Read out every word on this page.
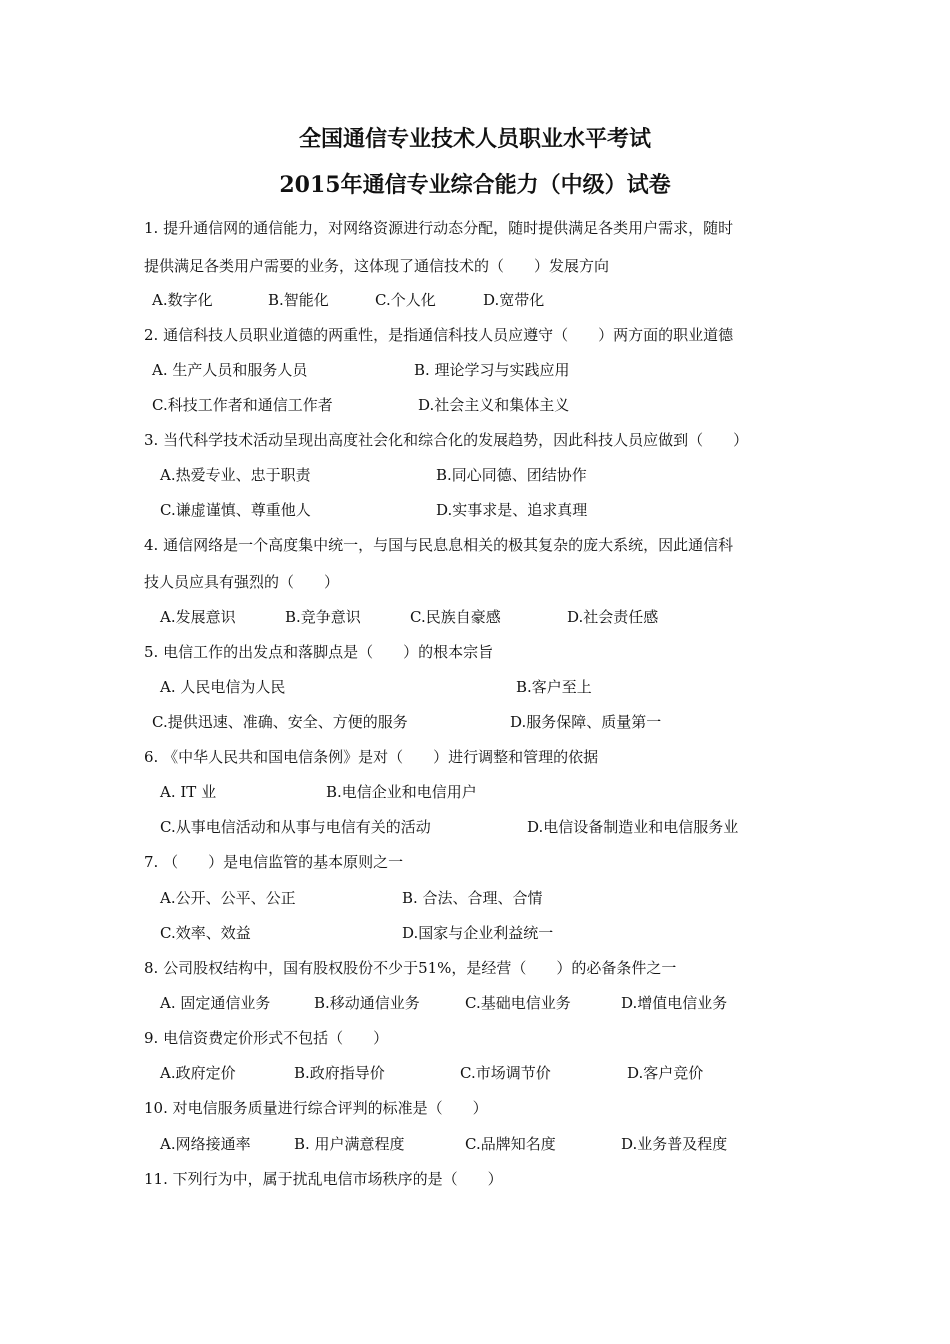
全国通信专业技术人员职业水平考试
2015年通信专业综合能力（中级）试卷
1. 提升通信网的通信能力，对网络资源进行动态分配，随时提供满足各类用户需求，随时
提供满足各类用户需要的业务，这体现了通信技术的（　　）发展方向
A.数字化	B.智能化	C.个人化	D.宽带化
2. 通信科技人员职业道德的两重性，是指通信科技人员应遵守（　　）两方面的职业道德
A. 生产人员和服务人员	B. 理论学习与实践应用
C.科技工作者和通信工作者	D.社会主义和集体主义
3. 当代科学技术活动呈现出高度社会化和综合化的发展趋势，因此科技人员应做到（　　）
A.热爱专业、忠于职责	B.同心同德、团结协作
C.谦虚谨慎、尊重他人	D.实事求是、追求真理
4. 通信网络是一个高度集中统一，与国与民息息相关的极其复杂的庞大系统，因此通信科
技人员应具有强烈的（　　）
A.发展意识	B.竞争意识	C.民族自豪感	D.社会责任感
5. 电信工作的出发点和落脚点是（　　）的根本宗旨
A. 人民电信为人民	B.客户至上
C.提供迅速、准确、安全、方便的服务	D.服务保障、质量第一
6. 《中华人民共和国电信条例》是对（　　）进行调整和管理的依据
A. IT 业	B.电信企业和电信用户
C.从事电信活动和从事与电信有关的活动	D.电信设备制造业和电信服务业
7. （　　）是电信监管的基本原则之一
A.公开、公平、公正	B. 合法、合理、合情
C.效率、效益	D.国家与企业利益统一
8. 公司股权结构中，国有股权股份不少于51%，是经营（　　）的必备条件之一
A. 固定通信业务	B.移动通信业务	C.基础电信业务	D.增值电信业务
9. 电信资费定价形式不包括（　　）
A.政府定价	B.政府指导价	C.市场调节价	D.客户竞价
10. 对电信服务质量进行综合评判的标准是（　　）
A.网络接通率	B. 用户满意程度	C.品牌知名度	D.业务普及程度
11. 下列行为中，属于扰乱电信市场秩序的是（　　）
